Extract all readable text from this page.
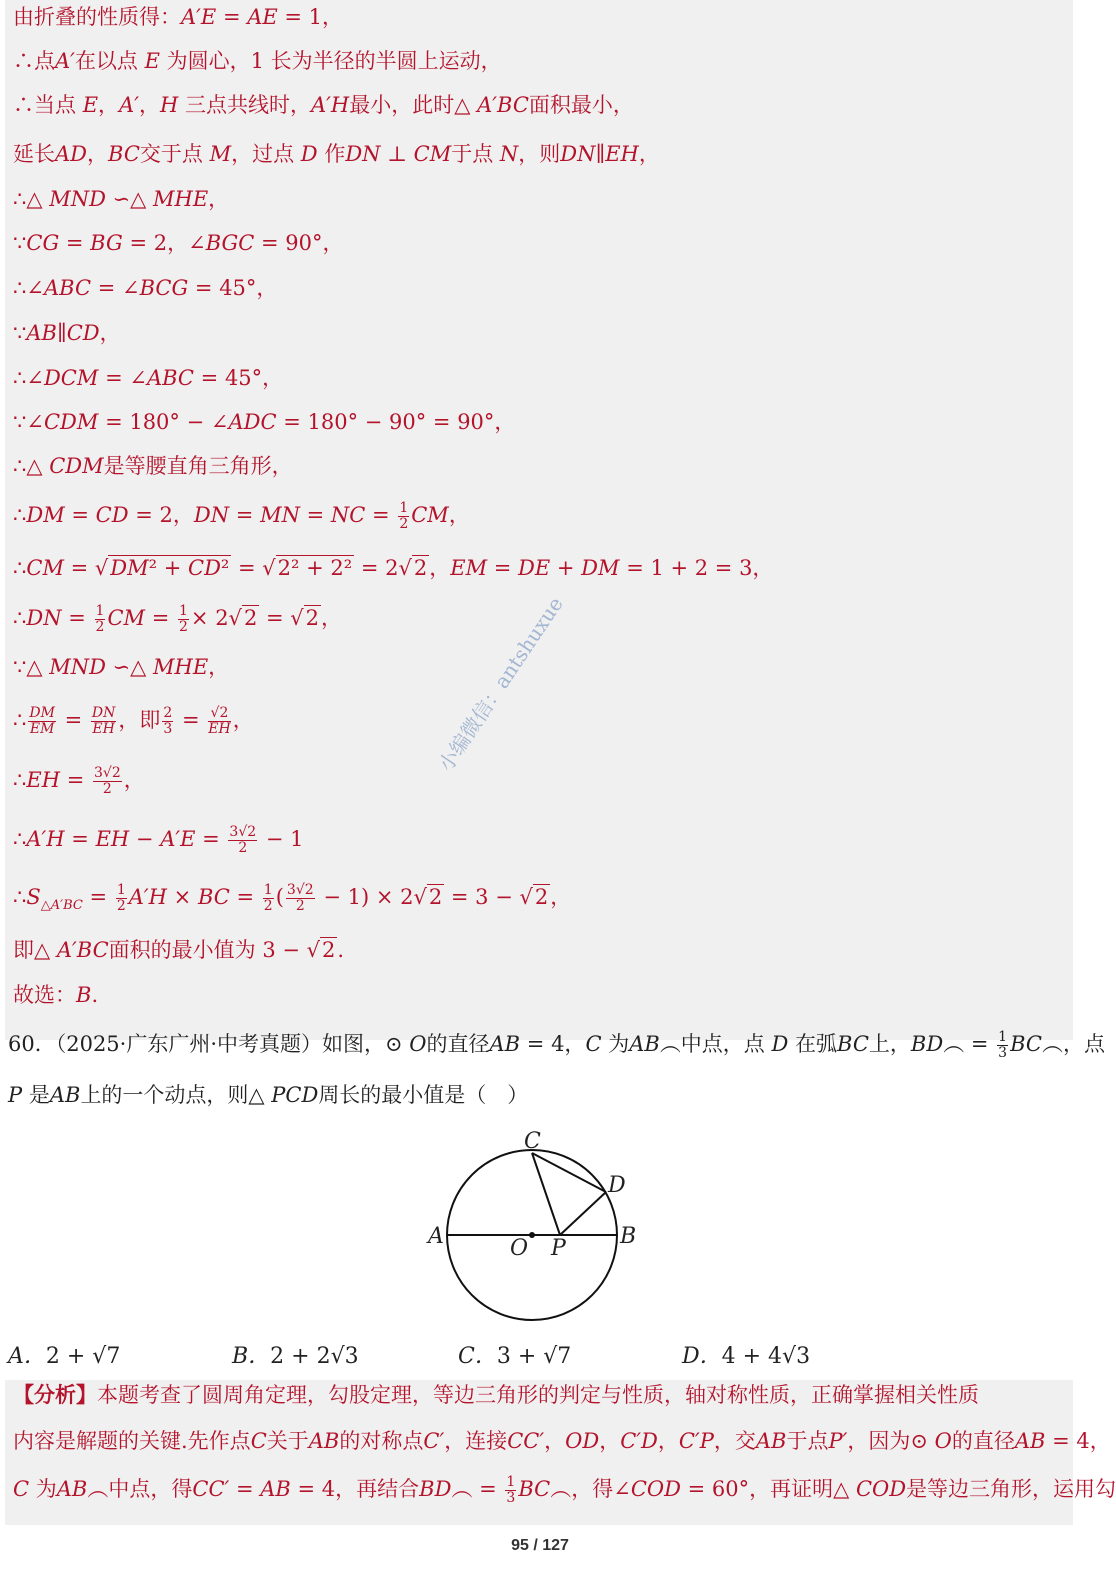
由折叠的性质得：A′E = AE = 1，
∴点A′在以点 E 为圆心，1 长为半径的半圆上运动，
∴当点 E，A′，H 三点共线时，A′H最小，此时△ A′BC面积最小，
延长AD，BC交于点 M，过点 D 作DN ⊥ CM于点 N，则DN∥EH，
∴△ MND ∽△ MHE，
∵CG = BG = 2，∠BGC = 90°，
∴∠ABC = ∠BCG = 45°，
∵AB∥CD，
∴∠DCM = ∠ABC = 45°，
∵∠CDM = 180° − ∠ADC = 180° − 90° = 90°，
∴△ CDM是等腰直角三角形，
∴DM = CD = 2，DN = MN = NC = $\frac{1}{2}$ CM，
∴CM = √DM² + CD² = √2² + 2² = 2√2，EM = DE + DM = 1 + 2 = 3，
∴DN = $\frac{1}{2}$ CM = $\frac{1}{2} \times 2√2 = √2$，
∵△ MND ∽△ MHE，
∴ $\frac{DM}{EM} = \frac{DN}{EH}$ ，即 $\frac{2}{3} = \frac{√2}{EH}$ ，
∴EH = $\frac{3√2}{2}$ ，
∴A′H = EH − $A'E = \frac{3√2}{2} - 1$
$\therefore S_{\triangle A'BC} = \frac{1}{2} A'H$ × BC = $\frac{1}{2}$ ( $\frac{3√2}{2} - 1) \times 2√2 = 3 - √2$，
即△ A′BC面积的最小值为 3 − √2.
故选：B.
小编微信：antshuxue
60．（2025·广东广州·中考真题）如图，⊙ O的直径AB = 4，C 为AB︵中点，点 D 在弧BC上，BD︵ = $\frac{1}{3}$ BC︵，点
P 是AB上的一个动点，则△ PCD周长的最小值是（　）
C
D
A	B
O P
A．2 + √7	B．2 + 2√3	C．3 + √7	D．4 + 4√3
【分析】本题考查了圆周角定理，勾股定理，等边三角形的判定与性质，轴对称性质，正确掌握相关性质
内容是解题的关键.先作点C关于AB的对称点C′，连接CC′，OD，C′D，C′P，交AB于点P′，因为⊙ O的直径AB = 4，
C 为AB︵中点，得CC′ = AB = 4，再结合BD︵ = $\frac{1}{3}$ BC︵，得∠COD = 60°，再证明△ COD是等边三角形，运用勾
95 / 127
